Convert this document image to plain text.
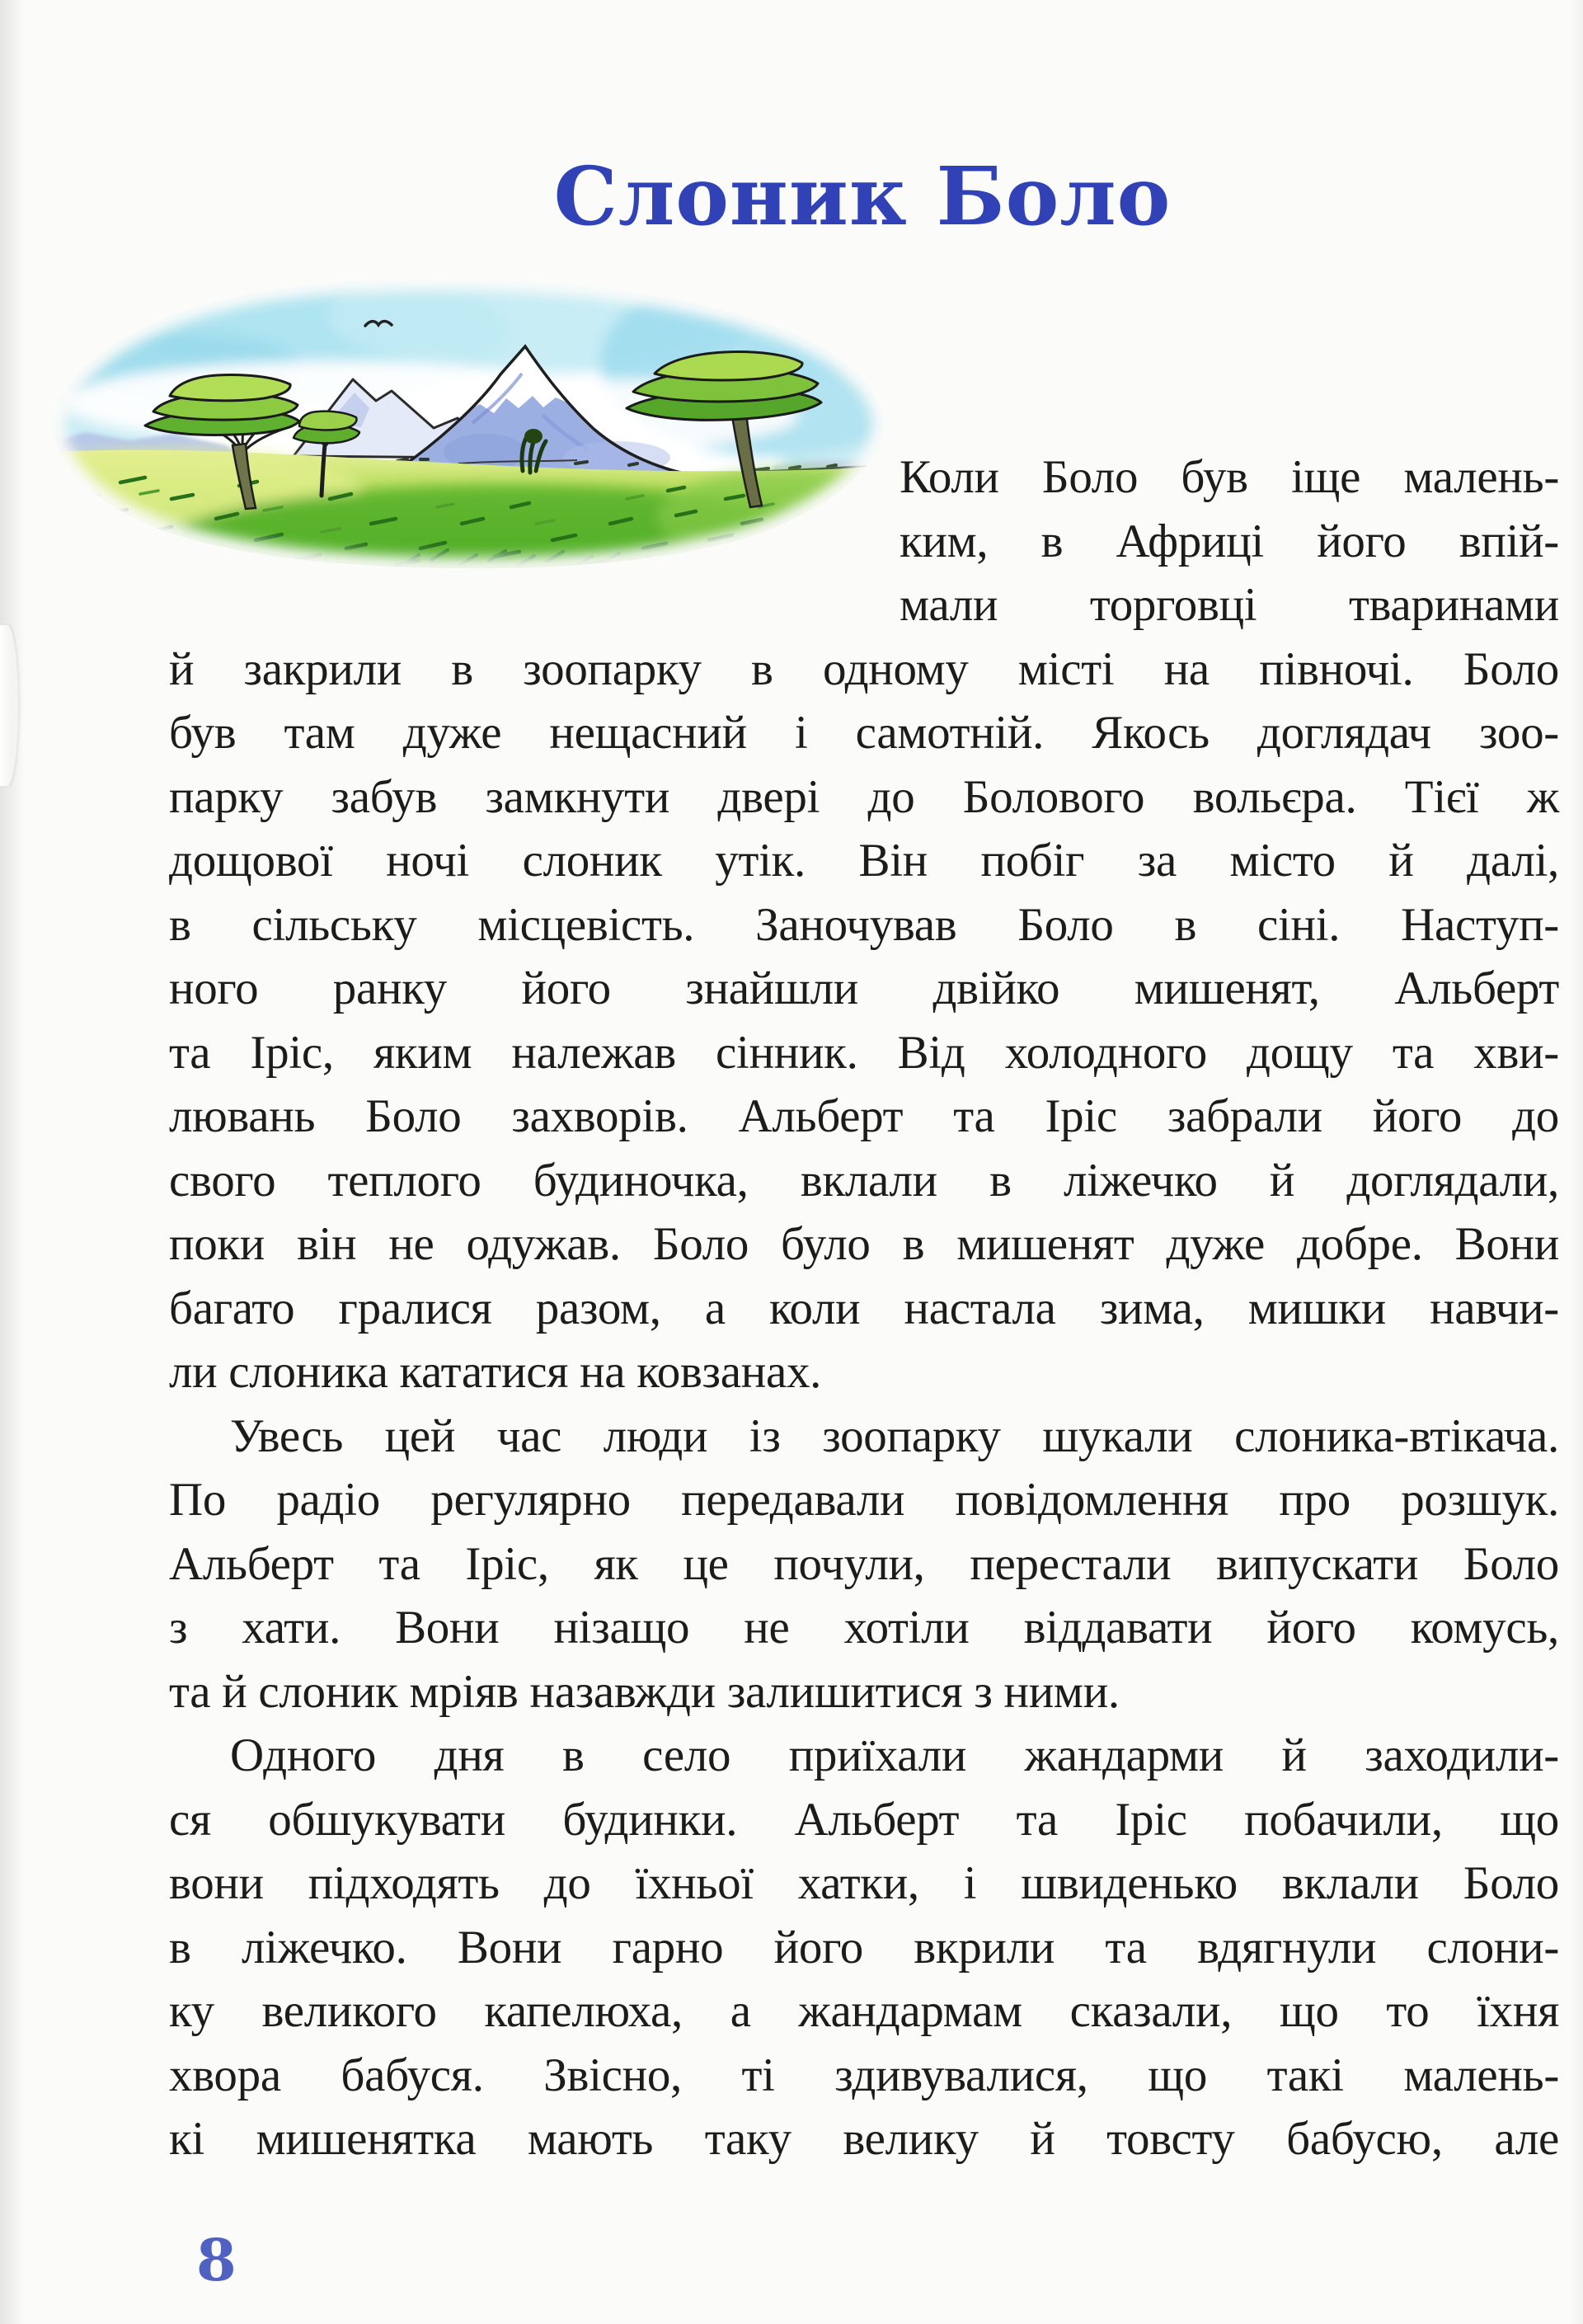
Слоник Боло
Коли Боло був іще малень-
ким, в Африці його впій-
мали торговці тваринами
й закрили в зоопарку в одному місті на півночі. Боло
був там дуже нещасний і самотній. Якось доглядач зоо-
парку забув замкнути двері до Болового вольєра. Тієї ж
дощової ночі слоник утік. Він побіг за місто й далі,
в сільську місцевість. Заночував Боло в сіні. Наступ-
ного ранку його знайшли двійко мишенят, Альберт
та Іріс, яким належав сінник. Від холодного дощу та хви-
лювань Боло захворів. Альберт та Іріс забрали його до
свого теплого будиночка, вклали в ліжечко й доглядали,
поки він не одужав. Боло було в мишенят дуже добре. Вони
багато гралися разом, а коли настала зима, мишки навчи-
ли слоника кататися на ковзанах.
Увесь цей час люди із зоопарку шукали слоника-втікача.
По радіо регулярно передавали повідомлення про розшук.
Альберт та Іріс, як це почули, перестали випускати Боло
з хати. Вони нізащо не хотіли віддавати його комусь,
та й слоник мріяв назавжди залишитися з ними.
Одного дня в село приїхали жандарми й заходили-
ся обшукувати будинки. Альберт та Іріс побачили, що
вони підходять до їхньої хатки, і швиденько вклали Боло
в ліжечко. Вони гарно його вкрили та вдягнули слони-
ку великого капелюха, а жандармам сказали, що то їхня
хвора бабуся. Звісно, ті здивувалися, що такі малень-
кі мишенятка мають таку велику й товсту бабусю, але
8
